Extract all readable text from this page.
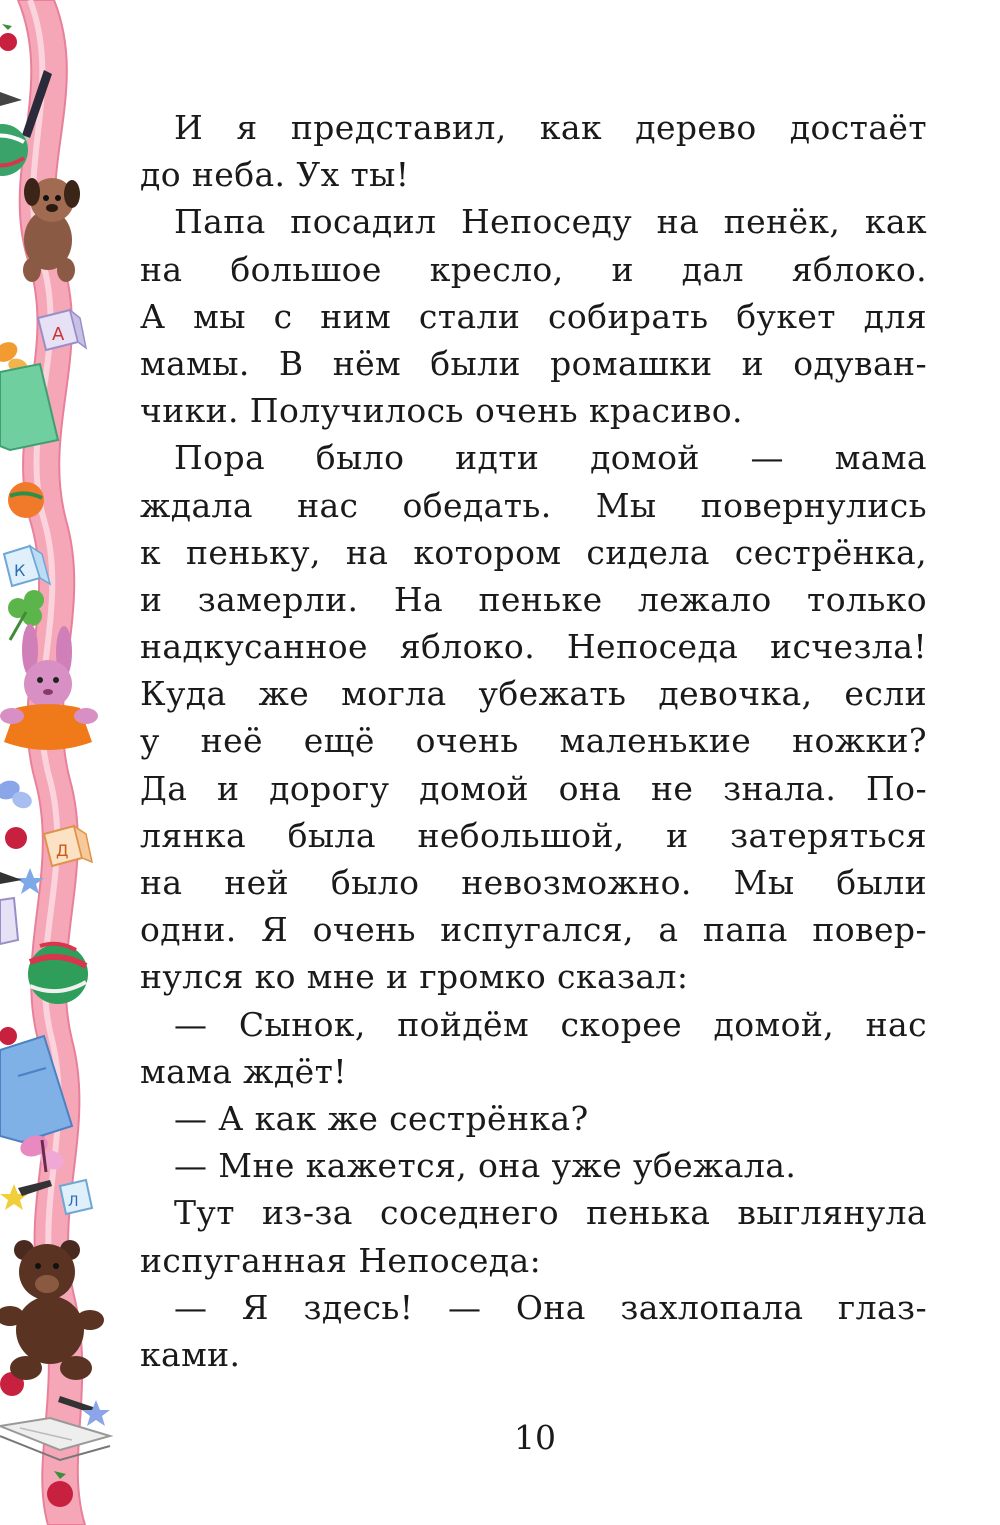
А
К
Д
Л
И я представил, как дерево достаёт
до неба. Ух ты!
Папа посадил Непоседу на пенёк, как
на большое кресло, и дал яблоко.
А мы с ним стали собирать букет для
мамы. В нём были ромашки и одуван-
чики. Получилось очень красиво.
Пора было идти домой — мама
ждала нас обедать. Мы повернулись
к пеньку, на котором сидела сестрёнка,
и замерли. На пеньке лежало только
надкусанное яблоко. Непоседа исчезла!
Куда же могла убежать девочка, если
у неё ещё очень маленькие ножки?
Да и дорогу домой она не знала. По-
лянка была небольшой, и затеряться
на ней было невозможно. Мы были
одни. Я очень испугался, а папа повер-
нулся ко мне и громко сказал:
— Сынок, пойдём скорее домой, нас
мама ждёт!
— А как же сестрёнка?
— Мне кажется, она уже убежала.
Тут из-за соседнего пенька выглянула
испуганная Непоседа:
— Я здесь! — Она захлопала глаз-
ками.
10
